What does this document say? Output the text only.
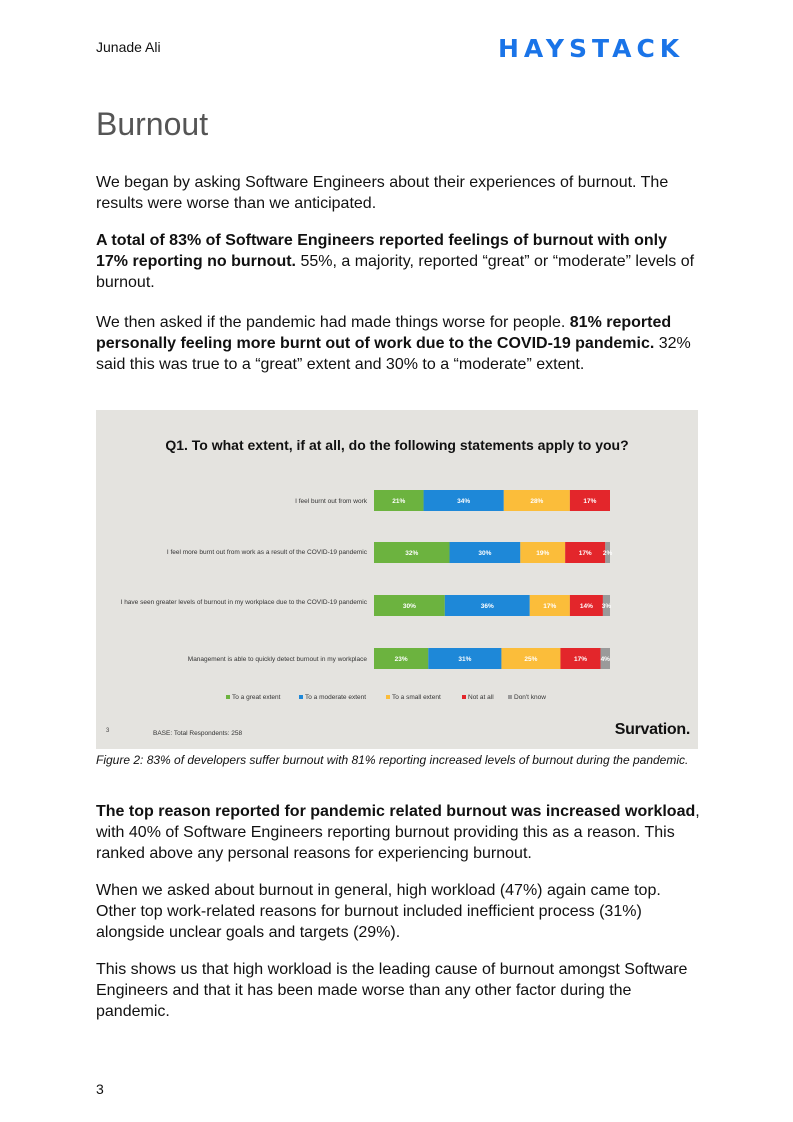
Junade Ali	HAYSTACK
Burnout

We began by asking Software Engineers about their experiences of burnout. The results were worse than we anticipated.

A total of 83% of Software Engineers reported feelings of burnout with only 17% reporting no burnout. 55%, a majority, reported “great” or “moderate” levels of burnout.

We then asked if the pandemic had made things worse for people. 81% reported personally feeling more burnt out of work due to the COVID-19 pandemic. 32% said this was true to a “great” extent and 30% to a “moderate” extent.

Q1. To what extent, if at all, do the following statements apply to you?
I feel burnt out from work
I feel more burnt out from work as a result of the COVID-19 pandemic
I have seen greater levels of burnout in my workplace due to the COVID-19 pandemic
Management is able to quickly detect burnout in my workplace
21%	34%	28%	17%
32%	30%	19%	17% 2%
30%	36%	17%	14% 3%
23%	31%	25%	17% 4%
To a great extent	To a moderate extent	To a small extent	Not at all	Don't know
3	BASE: Total Respondents: 258	Survation.

Figure 2: 83% of developers suffer burnout with 81% reporting increased levels of burnout during the pandemic.

The top reason reported for pandemic related burnout was increased workload, with 40% of Software Engineers reporting burnout providing this as a reason. This ranked above any personal reasons for experiencing burnout.

When we asked about burnout in general, high workload (47%) again came top. Other top work-related reasons for burnout included inefficient process (31%) alongside unclear goals and targets (29%).

This shows us that high workload is the leading cause of burnout amongst Software Engineers and that it has been made worse than any other factor during the pandemic.

3
